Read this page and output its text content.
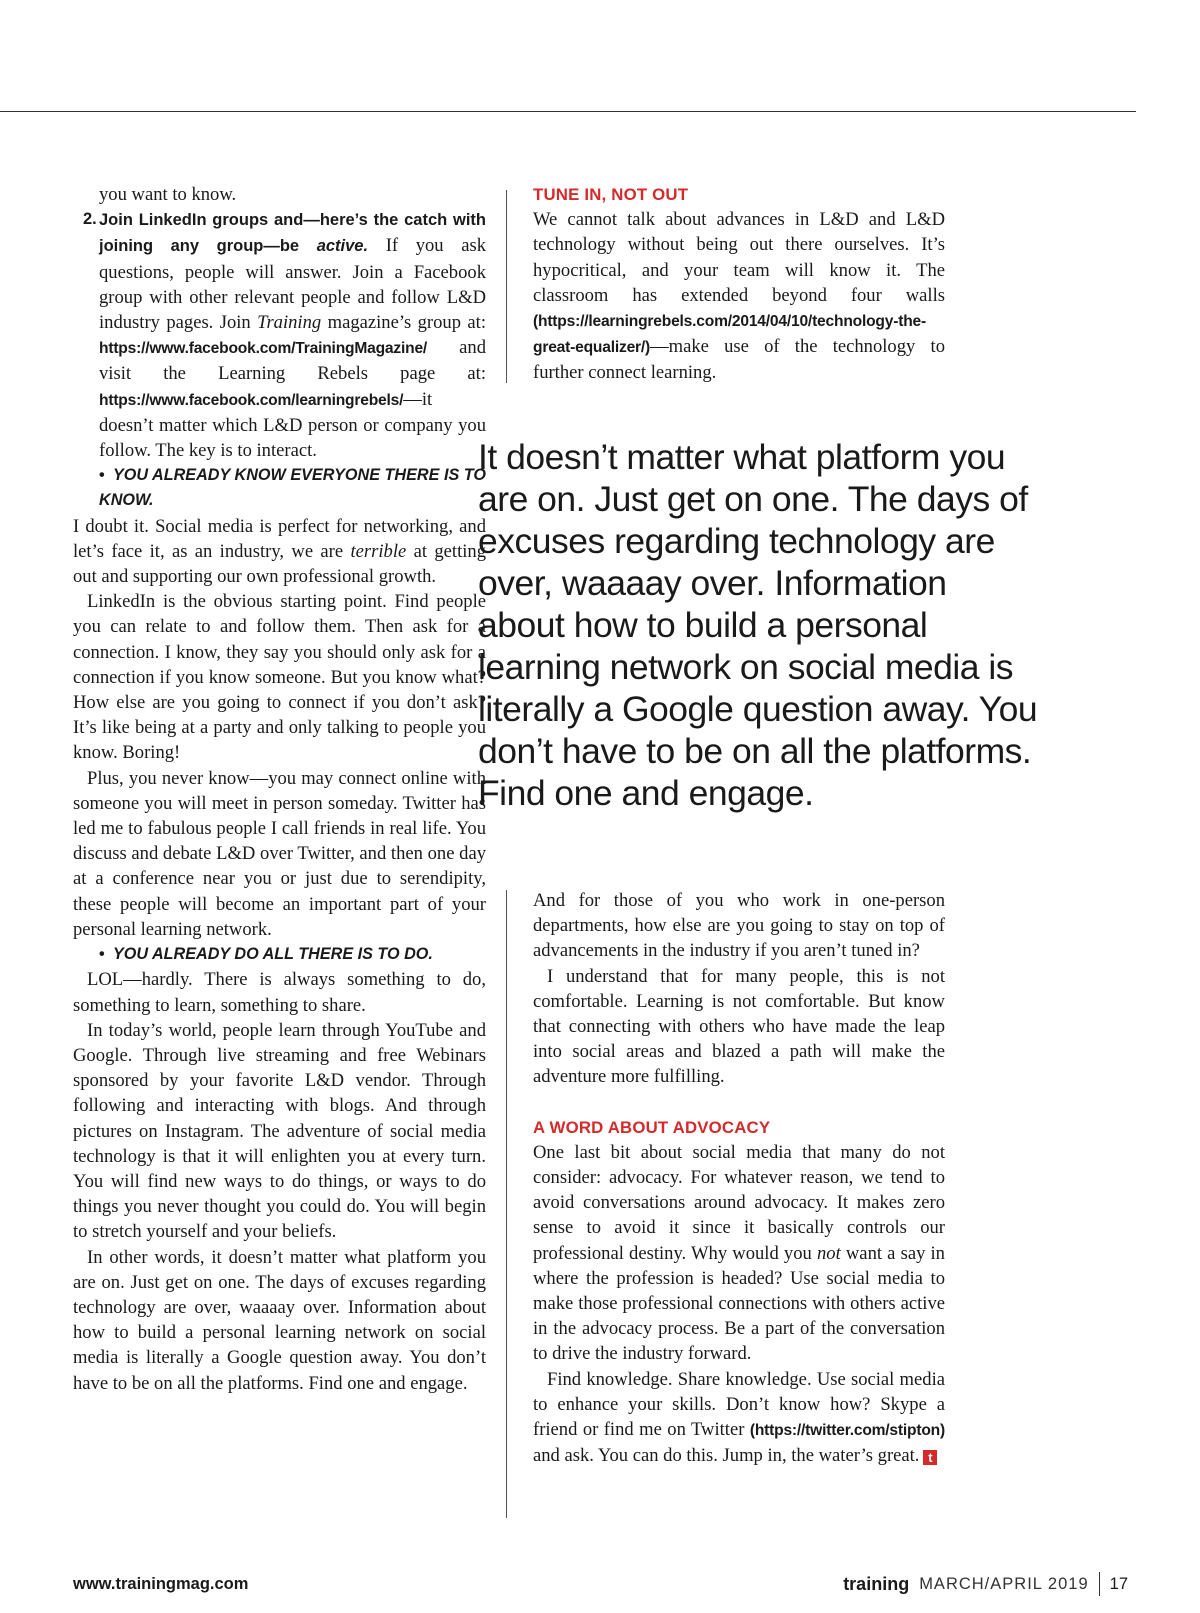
you want to know.

2. Join LinkedIn groups and—here’s the catch with joining any group—be active. If you ask questions, people will answer. Join a Facebook group with other relevant people and follow L&D industry pages. Join Training magazine’s group at: https://www.facebook.com/TrainingMagazine/ and visit the Learning Rebels page at: https://www.facebook.com/learningrebels/—it doesn’t matter which L&D person or company you follow. The key is to interact.

• YOU ALREADY KNOW EVERYONE THERE IS TO KNOW.

I doubt it. Social media is perfect for networking, and let’s face it, as an industry, we are terrible at getting out and supporting our own professional growth.

LinkedIn is the obvious starting point. Find people you can relate to and follow them. Then ask for a connection. I know, they say you should only ask for a connection if you know someone. But you know what? How else are you going to connect if you don’t ask? It’s like being at a party and only talking to people you know. Boring!

Plus, you never know—you may connect online with someone you will meet in person someday. Twitter has led me to fabulous people I call friends in real life. You discuss and debate L&D over Twitter, and then one day at a conference near you or just due to serendipity, these people will become an important part of your personal learning network.

• YOU ALREADY DO ALL THERE IS TO DO.

LOL—hardly. There is always something to do, something to learn, something to share.

In today’s world, people learn through YouTube and Google. Through live streaming and free Webinars sponsored by your favorite L&D vendor. Through following and interacting with blogs. And through pictures on Instagram. The adventure of social media technology is that it will enlighten you at every turn. You will find new ways to do things, or ways to do things you never thought you could do. You will begin to stretch yourself and your beliefs.

In other words, it doesn’t matter what platform you are on. Just get on one. The days of excuses regarding technology are over, waaaay over. Information about how to build a personal learning network on social media is literally a Google question away. You don’t have to be on all the platforms. Find one and engage.

TUNE IN, NOT OUT

We cannot talk about advances in L&D and L&D technology without being out there ourselves. It’s hypocritical, and your team will know it. The classroom has extended beyond four walls (https://learningrebels.com/2014/04/10/technology-the-great-equalizer/)—make use of the technology to further connect learning.

It doesn’t matter what platform you are on. Just get on one. The days of excuses regarding technology are over, waaaay over. Information about how to build a personal learning network on social media is literally a Google question away. You don’t have to be on all the platforms. Find one and engage.

And for those of you who work in one-person departments, how else are you going to stay on top of advancements in the industry if you aren’t tuned in?

I understand that for many people, this is not comfortable. Learning is not comfortable. But know that connecting with others who have made the leap into social areas and blazed a path will make the adventure more fulfilling.

A WORD ABOUT ADVOCACY

One last bit about social media that many do not consider: advocacy. For whatever reason, we tend to avoid conversations around advocacy. It makes zero sense to avoid it since it basically controls our professional destiny. Why would you not want a say in where the profession is headed? Use social media to make those professional connections with others active in the advocacy process. Be a part of the conversation to drive the industry forward.

Find knowledge. Share knowledge. Use social media to enhance your skills. Don’t know how? Skype a friend or find me on Twitter (https://twitter.com/stipton) and ask. You can do this. Jump in, the water’s great. t

www.trainingmag.com	training MARCH/APRIL 2019 17
